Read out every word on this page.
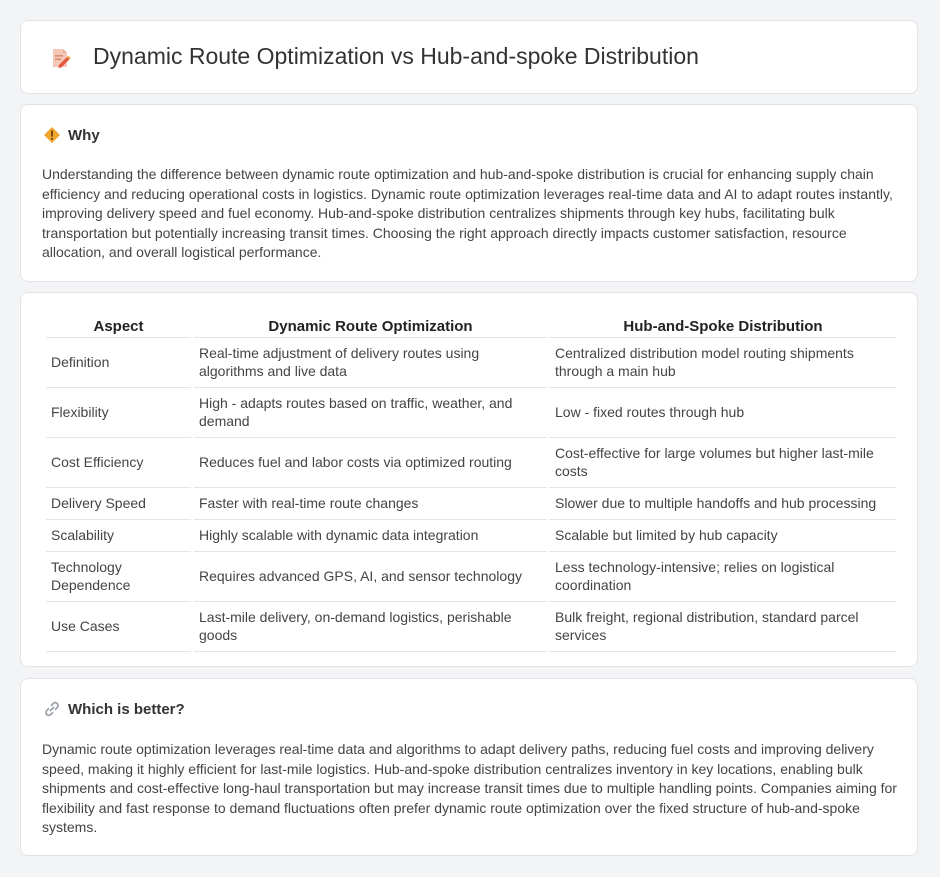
Dynamic Route Optimization vs Hub-and-spoke Distribution
Why

Understanding the difference between dynamic route optimization and hub-and-spoke distribution is crucial for enhancing supply chain efficiency and reducing operational costs in logistics. Dynamic route optimization leverages real-time data and AI to adapt routes instantly, improving delivery speed and fuel economy. Hub-and-spoke distribution centralizes shipments through key hubs, facilitating bulk transportation but potentially increasing transit times. Choosing the right approach directly impacts customer satisfaction, resource allocation, and overall logistical performance.

Aspect	Dynamic Route Optimization	Hub-and-Spoke Distribution
Definition	Real-time adjustment of delivery routes using algorithms and live data	Centralized distribution model routing shipments through a main hub
Flexibility	High - adapts routes based on traffic, weather, and demand	Low - fixed routes through hub
Cost Efficiency	Reduces fuel and labor costs via optimized routing	Cost-effective for large volumes but higher last-mile costs
Delivery Speed	Faster with real-time route changes	Slower due to multiple handoffs and hub processing
Scalability	Highly scalable with dynamic data integration	Scalable but limited by hub capacity
Technology Dependence	Requires advanced GPS, AI, and sensor technology	Less technology-intensive; relies on logistical coordination
Use Cases	Last-mile delivery, on-demand logistics, perishable goods	Bulk freight, regional distribution, standard parcel services
Which is better?

Dynamic route optimization leverages real-time data and algorithms to adapt delivery paths, reducing fuel costs and improving delivery speed, making it highly efficient for last-mile logistics. Hub-and-spoke distribution centralizes inventory in key locations, enabling bulk shipments and cost-effective long-haul transportation but may increase transit times due to multiple handling points. Companies aiming for flexibility and fast response to demand fluctuations often prefer dynamic route optimization over the fixed structure of hub-and-spoke systems.
